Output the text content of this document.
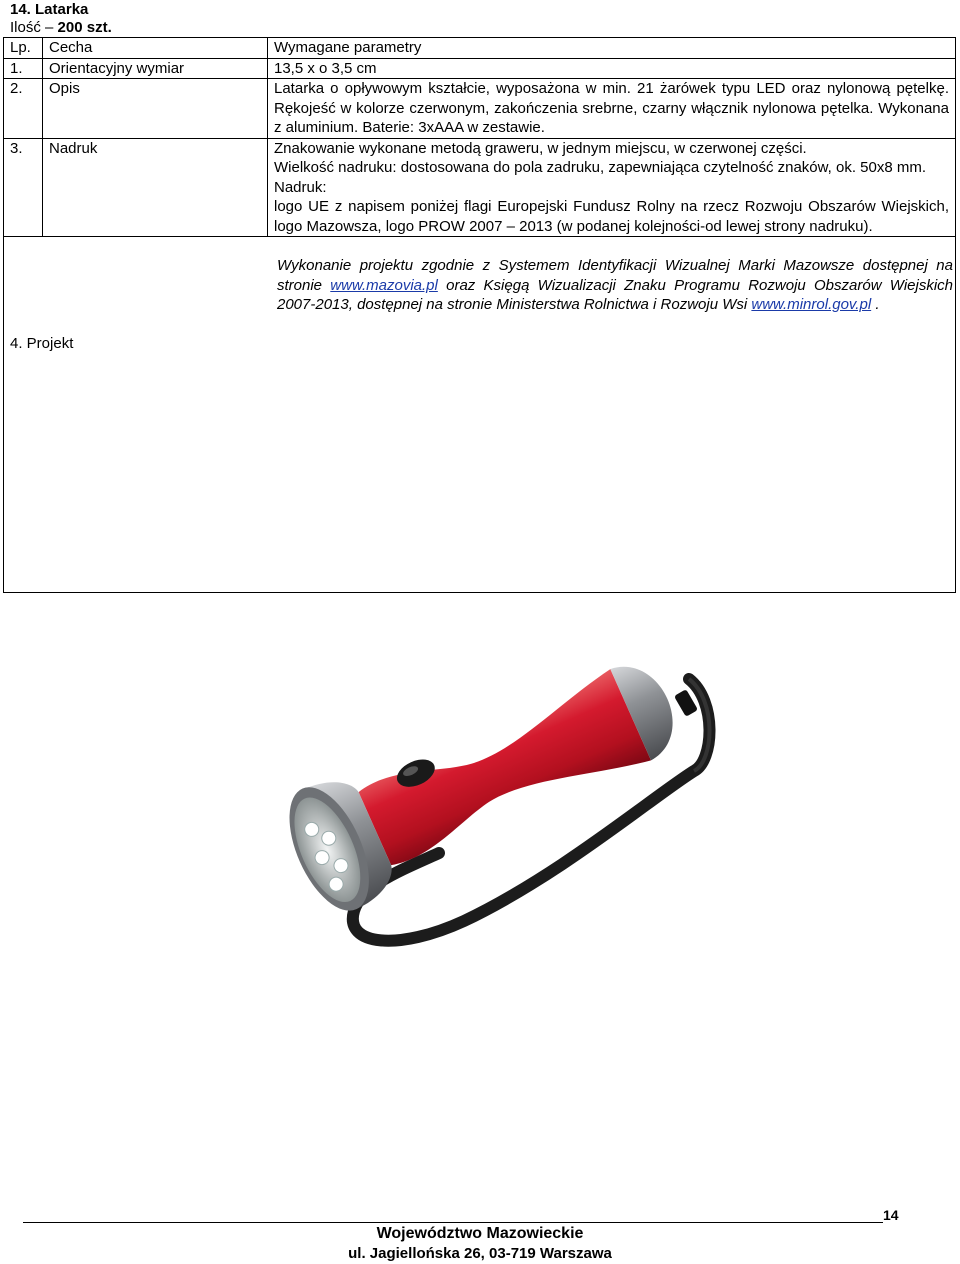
14. Latarka
Ilość – 200 szt.
Lp.	Cecha	Wymagane parametry
1.	Orientacyjny wymiar	13,5 x o 3,5 cm
2.	Opis	Latarka o opływowym kształcie, wyposażona w min. 21 żarówek typu LED oraz nylonową pętelkę. Rękojeść w kolorze czerwonym, zakończenia srebrne, czarny włącznik nylonowa pętelka. Wykonana z aluminium. Baterie: 3xAAA w zestawie.
3.	Nadruk	Znakowanie wykonane metodą graweru, w jednym miejscu, w czerwonej części.
Wielkość nadruku: dostosowana do pola zadruku, zapewniająca czytelność znaków, ok. 50x8 mm.
Nadruk:
logo UE z napisem poniżej flagi Europejski Fundusz Rolny na rzecz Rozwoju Obszarów Wiejskich, logo Mazowsza, logo PROW 2007 – 2013 (w podanej kolejności-od lewej strony nadruku).

Wykonanie projektu zgodnie z Systemem Identyfikacji Wizualnej Marki Mazowsze dostępnej na stronie www.mazovia.pl oraz Księgą Wizualizacji Znaku Programu Rozwoju Obszarów Wiejskich 2007-2013, dostępnej na stronie Ministerstwa Rolnictwa i Rozwoju Wsi www.minrol.gov.pl .
4. Projekt		
14
Województwo Mazowieckie
ul. Jagiellońska 26, 03-719 Warszawa
